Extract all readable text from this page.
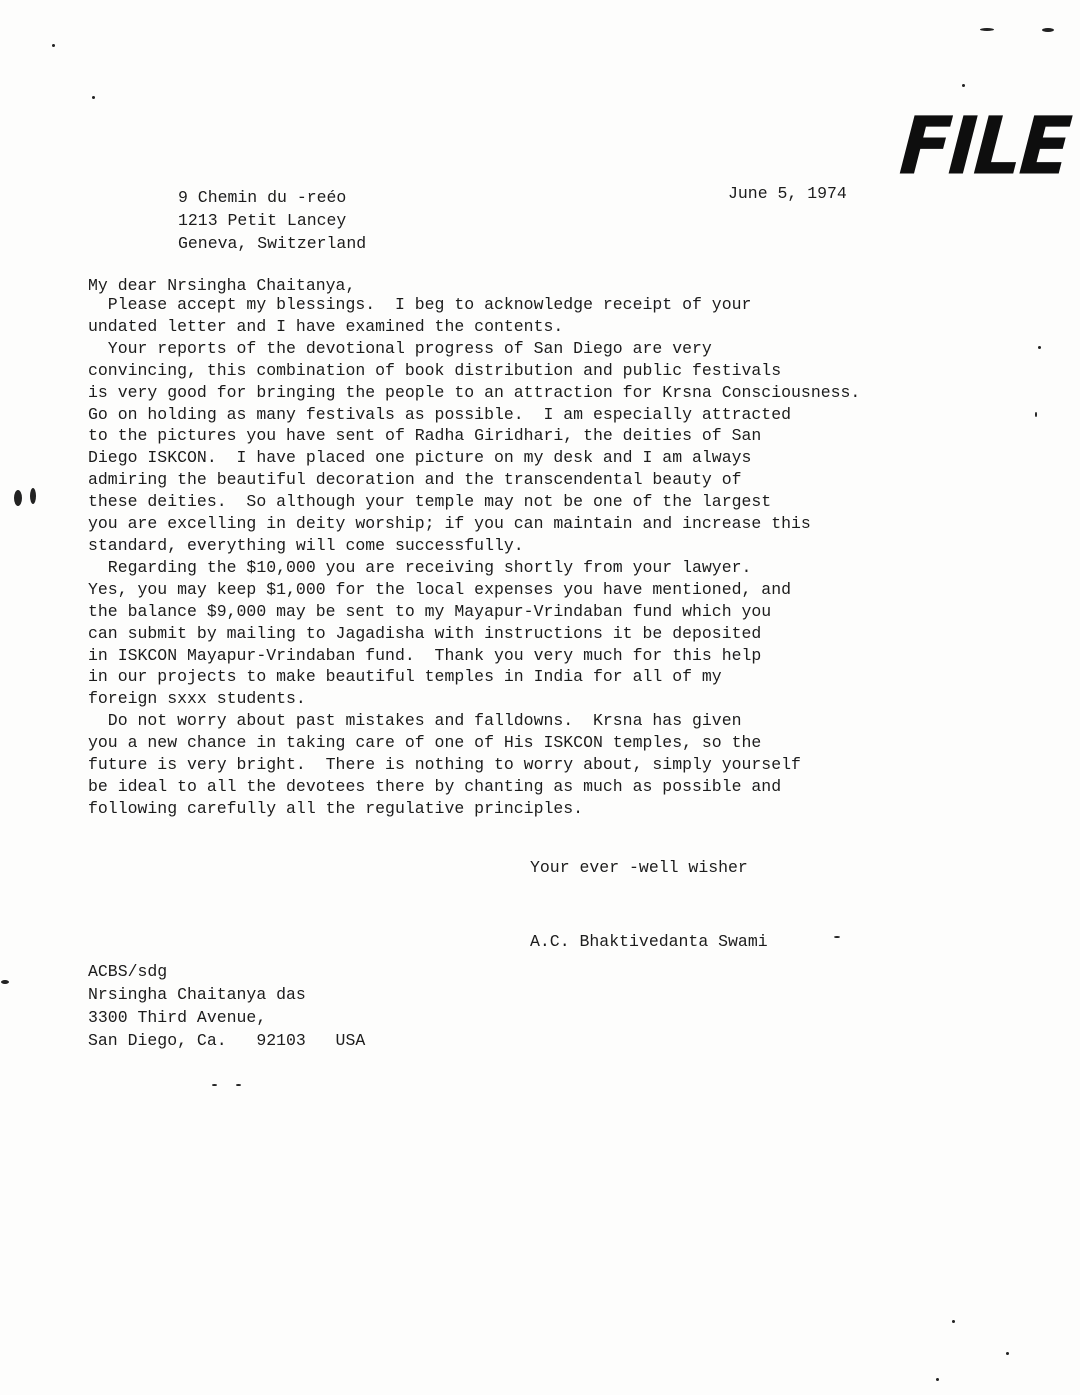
FILE
9 Chemin du ‐reéo
1213 Petit Lancey
Geneva, Switzerland
June 5, 1974
My dear Nrsingha Chaitanya,
Please accept my blessings.  I beg to acknowledge receipt of your
undated letter and I have examined the contents.
Your reports of the devotional progress of San Diego are very
convincing, this combination of book distribution and public festivals
is very good for bringing the people to an attraction for Krsna Consciousness.
Go on holding as many festivals as possible.  I am especially attracted
to the pictures you have sent of Radha Giridhari, the deities of San
Diego ISKCON.  I have placed one picture on my desk and I am always
admiring the beautiful decoration and the transcendental beauty of
these deities.  So although your temple may not be one of the largest
you are excelling in deity worship; if you can maintain and increase this
standard, everything will come successfully.
Regarding the $10,000 you are receiving shortly from your lawyer.
Yes, you may keep $1,000 for the local expenses you have mentioned, and
the balance $9,000 may be sent to my Mayapur-Vrindaban fund which you
can submit by mailing to Jagadisha with instructions it be deposited
in ISKCON Mayapur-Vrindaban fund.  Thank you very much for this help
in our projects to make beautiful temples in India for all of my
foreign sxxx students.
Do not worry about past mistakes and falldowns.  Krsna has given
you a new chance in taking care of one of His ISKCON temples, so the
future is very bright.  There is nothing to worry about, simply yourself
be ideal to all the devotees there by chanting as much as possible and
following carefully all the regulative principles.
Your ever -well wisher
A.C. Bhaktivedanta Swami
ACBS/sdg
Nrsingha Chaitanya das
3300 Third Avenue,
San Diego, Ca.   92103   USA
